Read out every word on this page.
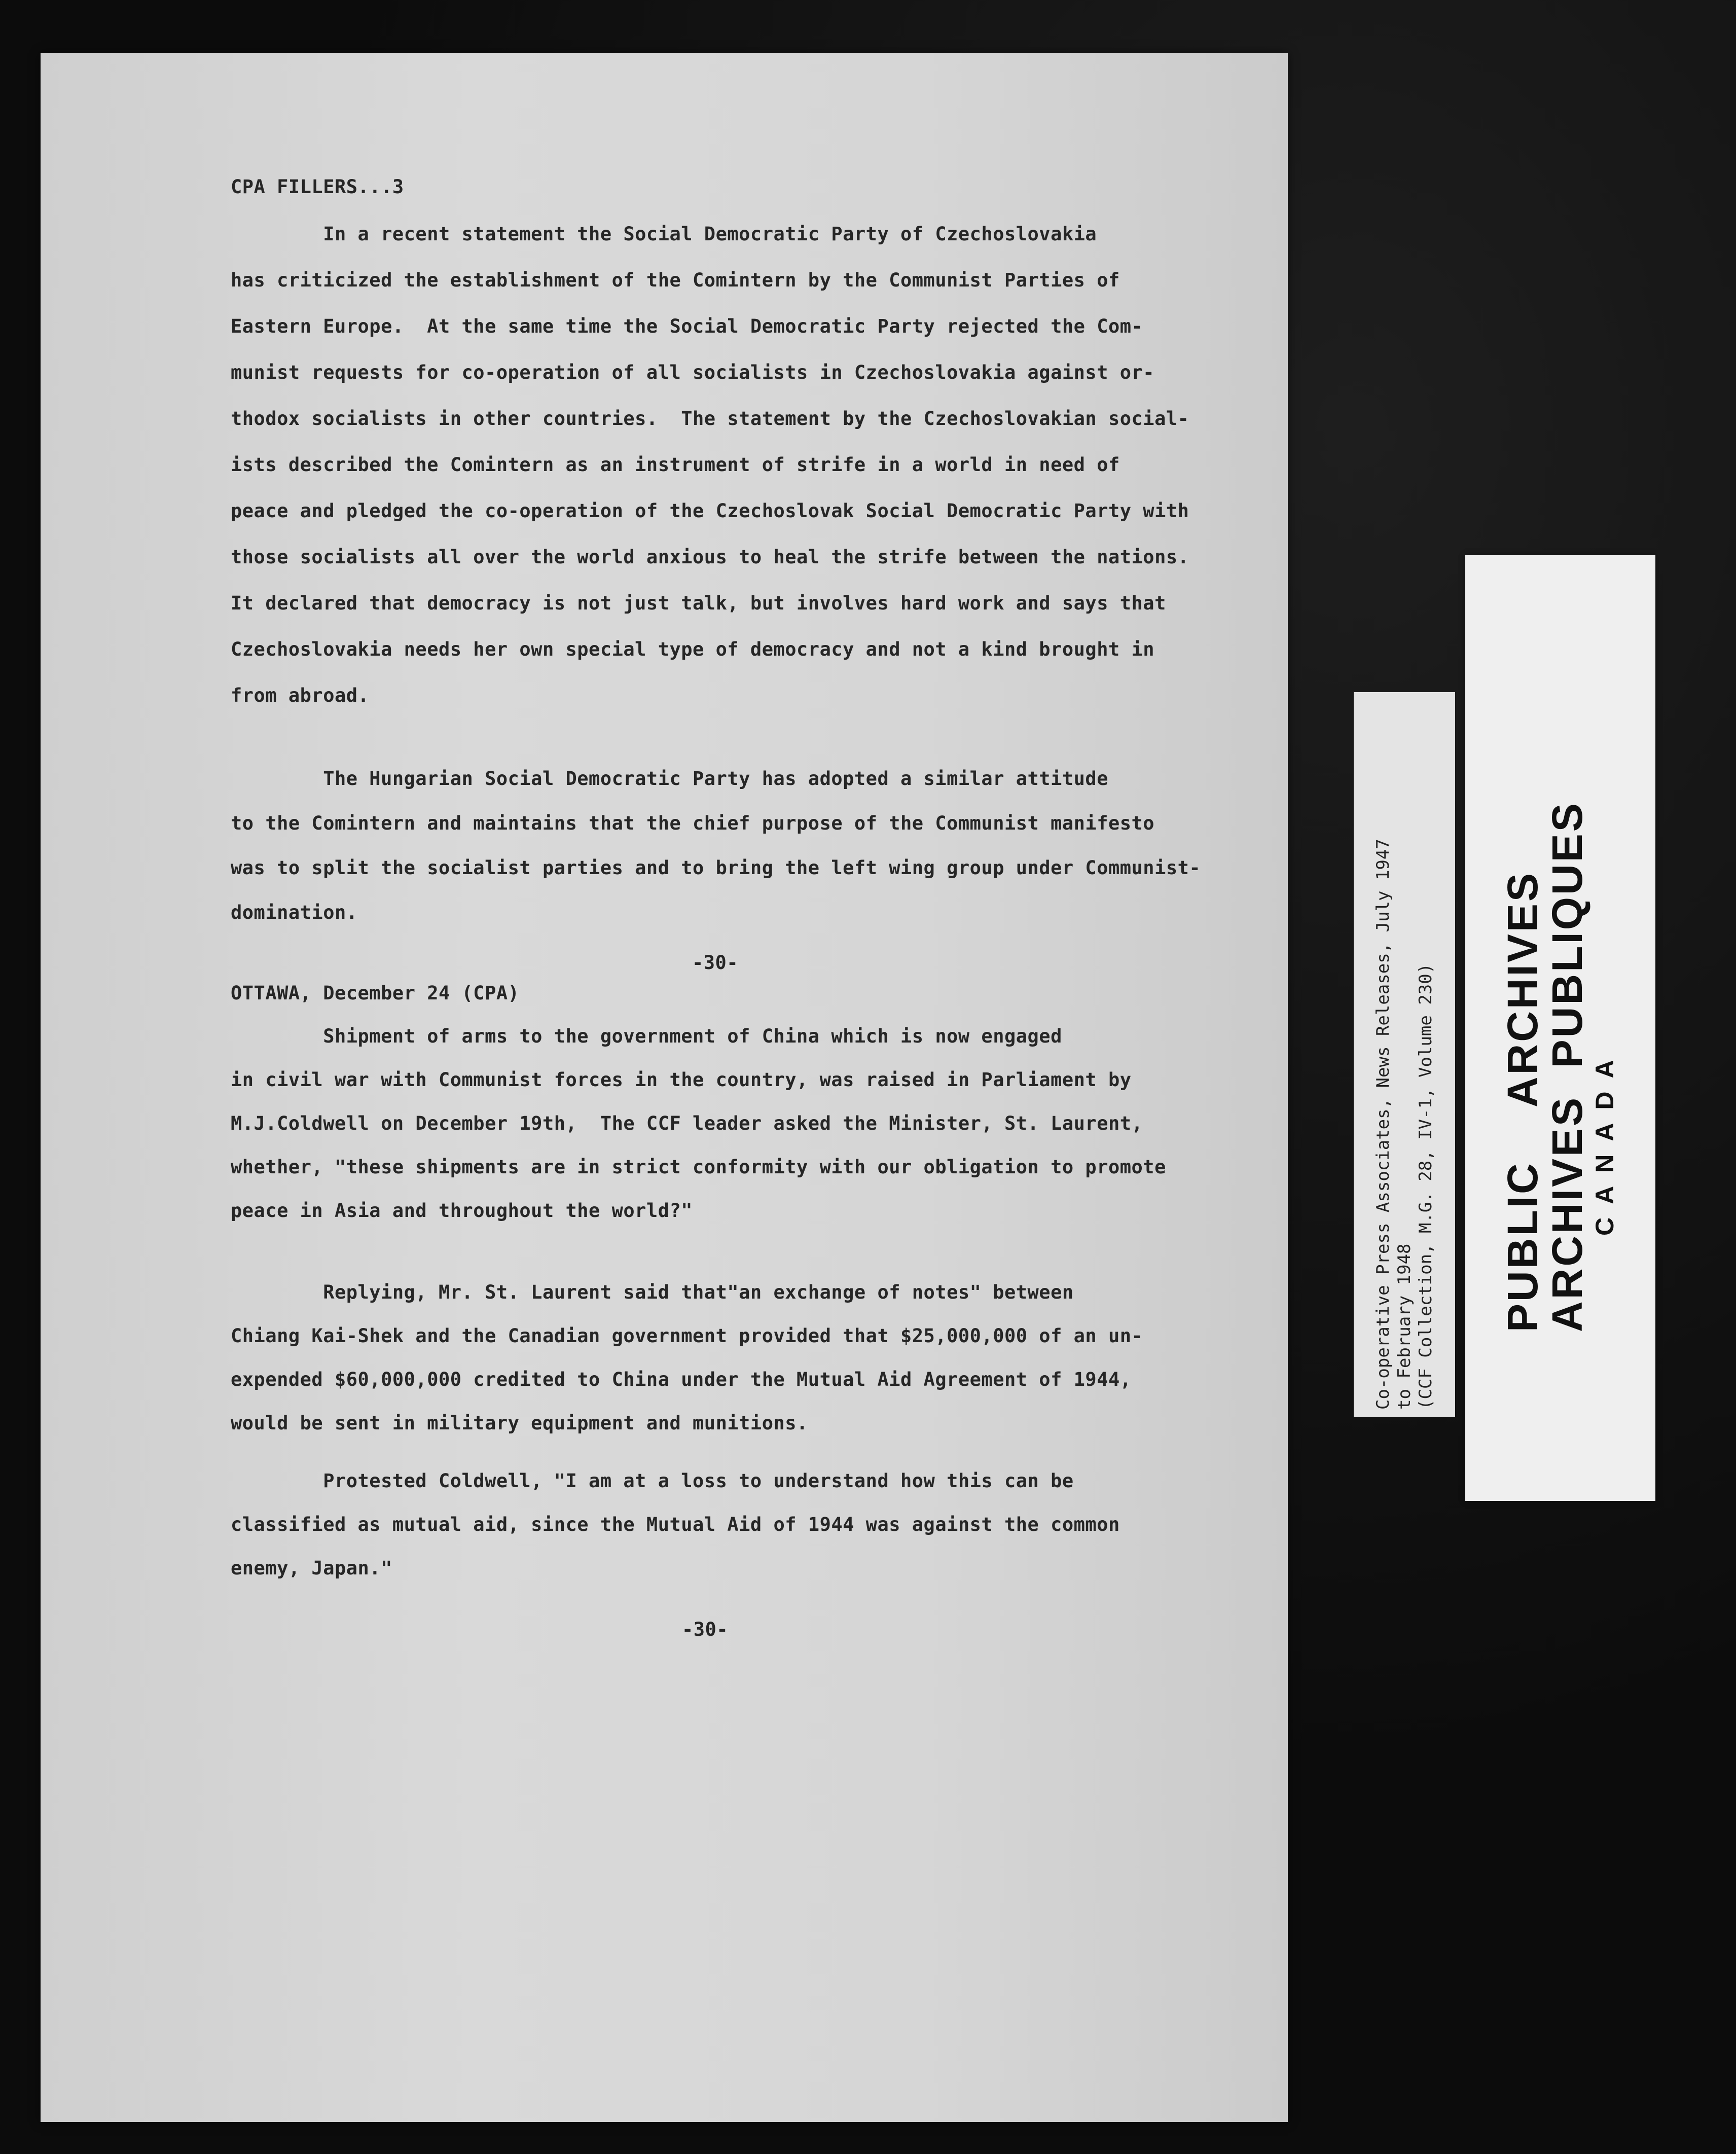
CPA FILLERS...3
In a recent statement the Social Democratic Party of Czechoslovakia
has criticized the establishment of the Comintern by the Communist Parties of
Eastern Europe.  At the same time the Social Democratic Party rejected the Com-
munist requests for co-operation of all socialists in Czechoslovakia against or-
thodox socialists in other countries.  The statement by the Czechoslovakian social-
ists described the Comintern as an instrument of strife in a world in need of
peace and pledged the co-operation of the Czechoslovak Social Democratic Party with
those socialists all over the world anxious to heal the strife between the nations.
It declared that democracy is not just talk, but involves hard work and says that
Czechoslovakia needs her own special type of democracy and not a kind brought in
from abroad.
The Hungarian Social Democratic Party has adopted a similar attitude
to the Comintern and maintains that the chief purpose of the Communist manifesto
was to split the socialist parties and to bring the left wing group under Communist-
domination.
-30-
OTTAWA, December 24 (CPA)
Shipment of arms to the government of China which is now engaged
in civil war with Communist forces in the country, was raised in Parliament by
M.J.Coldwell on December 19th,  The CCF leader asked the Minister, St. Laurent,
whether, "these shipments are in strict conformity with our obligation to promote
peace in Asia and throughout the world?"
Replying, Mr. St. Laurent said that"an exchange of notes" between
Chiang Kai-Shek and the Canadian government provided that $25,000,000 of an un-
expended $60,000,000 credited to China under the Mutual Aid Agreement of 1944,
would be sent in military equipment and munitions.
Protested Coldwell, "I am at a loss to understand how this can be
classified as mutual aid, since the Mutual Aid of 1944 was against the common
enemy, Japan."
-30-
Co-operative Press Associates, News Releases, July 1947 to February 1948 (CCF Collection, M.G. 28, IV-1, Volume 230) PUBLIC    ARCHIVES
ARCHIVES  PUBLIQUES CANADA
